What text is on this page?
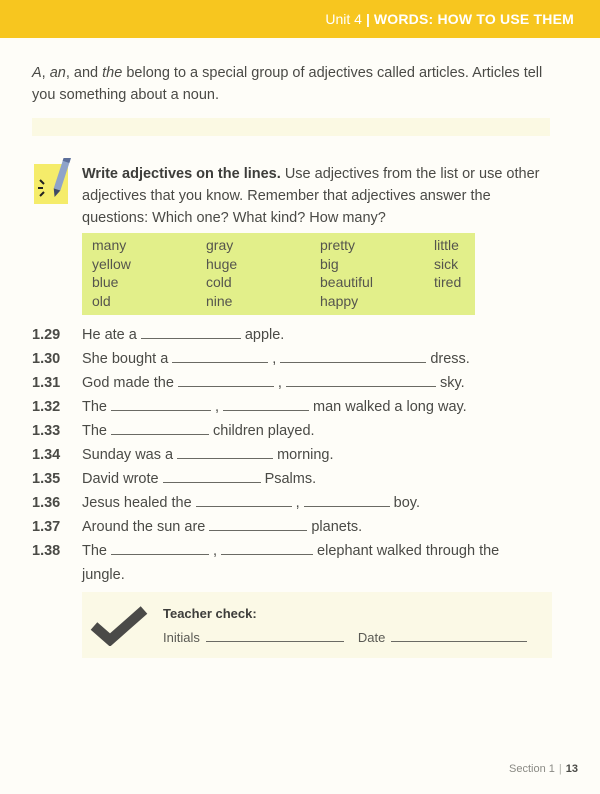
Unit 4 | WORDS: HOW TO USE THEM
A, an, and the belong to a special group of adjectives called articles. Articles tell you something about a noun.
Write adjectives on the lines. Use adjectives from the list or use other adjectives that you know. Remember that adjectives answer the questions: Which one? What kind? How many?
many	gray	pretty	little
yellow	huge	big	sick
blue	cold	beautiful	tired
old	nine	happy
1.29	He ate a	apple.
1.30	She bought a	,	dress.
1.31	God made the	,	sky.
1.32	The	,	man walked a long way.
1.33	The	children played.
1.34	Sunday was a	morning.
1.35	David wrote	Psalms.
1.36	Jesus healed the	,	boy.
1.37	Around the sun are	planets.
1.38	The	,	elephant walked through the
jungle.
Teacher check:
Initials	Date
Section 1 | 13
